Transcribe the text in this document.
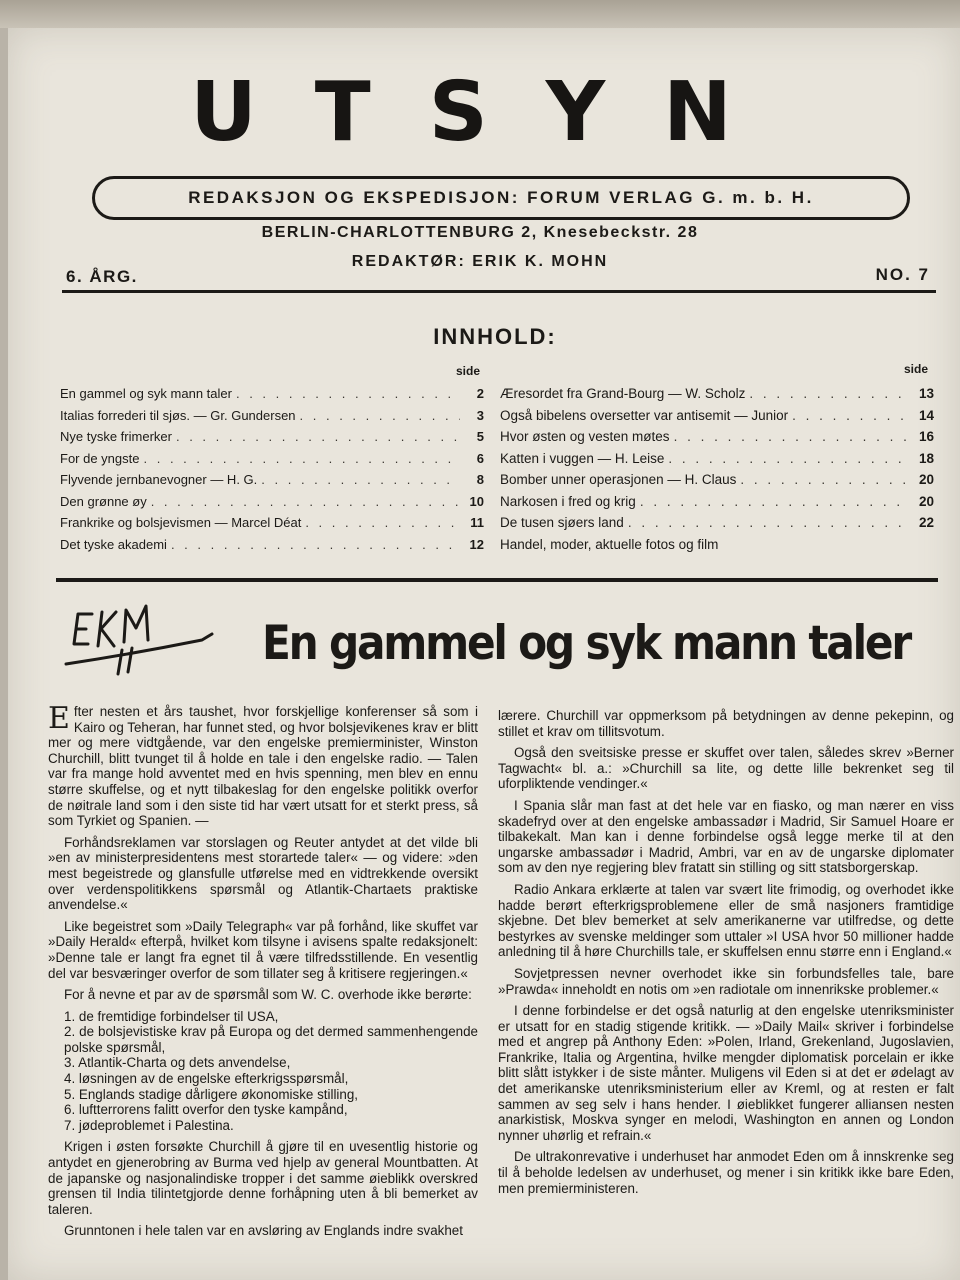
UTSYN
REDAKSJON OG EKSPEDISJON: FORUM VERLAG G. m. b. H.
BERLIN-CHARLOTTENBURG 2, Knesebeckstr. 28
REDAKTØR: ERIK K. MOHN
6. ÅRG.	NO. 7
INNHOLD:
side	side
En gammel og syk mann taler . . .	2
Italias forrederi til sjøs. — Gr. Gundersen . . .	3
Nye tyske frimerker . . .	5
For de yngste . . .	6
Flyvende jernbanevogner — H. G. . . .	8
Den grønne øy . . .	10
Frankrike og bolsjevismen — Marcel Déat . . .	11
Det tyske akademi . . .	12
Æresordet fra Grand-Bourg — W. Scholz . . .	13
Også bibelens oversetter var antisemit — Junior . . .	14
Hvor østen og vesten møtes . . .	16
Katten i vuggen — H. Leise . . .	18
Bomber unner operasjonen — H. Claus . . .	20
Narkosen i fred og krig . . .	20
De tusen sjøers land . . .	22
Handel, moder, aktuelle fotos og film
En gammel og syk mann taler

Efter nesten et års taushet, hvor forskjellige konferenser så som i Kairo og Teheran, har funnet sted, og hvor bolsjevikenes krav er blitt mer og mere vidtgående, var den engelske premierminister, Winston Churchill, blitt tvunget til å holde en tale i den engelske radio. — Talen var fra mange hold avventet med en hvis spenning, men blev en ennu større skuffelse, og et nytt tilbakeslag for den engelske politikk overfor de nøitrale land som i den siste tid har vært utsatt for et sterkt press, så som Tyrkiet og Spanien. —

Forhåndsreklamen var storslagen og Reuter antydet at det vilde bli »en av ministerpresidentens mest storartede taler« — og videre: »den mest begeistrede og glansfulle utførelse med en vidtrekkende oversikt over verdenspolitikkens spørsmål og Atlantik-Chartaets praktiske anvendelse.«

Like begeistret som »Daily Telegraph« var på forhånd, like skuffet var »Daily Herald« efterpå, hvilket kom tilsyne i avisens spalte redaksjonelt: »Denne tale er langt fra egnet til å være tilfredsstillende. En vesentlig del var besværinger overfor de som tillater seg å kritisere regjeringen.«

For å nevne et par av de spørsmål som W. C. overhode ikke berørte:

1. de fremtidige forbindelser til USA,
2. de bolsjevistiske krav på Europa og det dermed sammenhengende polske spørsmål,
3. Atlantik-Charta og dets anvendelse,
4. løsningen av de engelske efterkrigsspørsmål,
5. Englands stadige dårligere økonomiske stilling,
6. luftterrorens falitt overfor den tyske kampånd,
7. jødeproblemet i Palestina.

Krigen i østen forsøkte Churchill å gjøre til en uvesentlig historie og antydet en gjenerobring av Burma ved hjelp av general Mountbatten. At de japanske og nasjonalindiske tropper i det samme øieblikk overskred grensen til India tilintetgjorde denne forhåpning uten å bli bemerket av taleren.

Grunntonen i hele talen var en avsløring av Englands indre svakhet

lærere. Churchill var oppmerksom på betydningen av denne pekepinn, og stillet et krav om tillitsvotum.

Også den sveitsiske presse er skuffet over talen, således skrev »Berner Tagwacht« bl. a.: »Churchill sa lite, og dette lille bekrenket seg til uforpliktende vendinger.«

I Spania slår man fast at det hele var en fiasko, og man nærer en viss skadefryd over at den engelske ambassadør i Madrid, Sir Samuel Hoare er tilbakekalt. Man kan i denne forbindelse også legge merke til at den ungarske ambassadør i Madrid, Ambri, var en av de ungarske diplomater som av den nye regjering blev fratatt sin stilling og sitt statsborgerskap.

Radio Ankara erklærte at talen var svært lite frimodig, og overhodet ikke hadde berørt efterkrigsproblemene eller de små nasjoners framtidige skjebne. Det blev bemerket at selv amerikanerne var utilfredse, og dette bestyrkes av svenske meldinger som uttaler »I USA hvor 50 millioner hadde anledning til å høre Churchills tale, er skuffelsen ennu større enn i England.«

Sovjetpressen nevner overhodet ikke sin forbundsfelles tale, bare »Prawda« inneholdt en notis om »en radiotale om innenrikske problemer.«

I denne forbindelse er det også naturlig at den engelske utenriksminister er utsatt for en stadig stigende kritikk. — »Daily Mail« skriver i forbindelse med et angrep på Anthony Eden: »Polen, Irland, Grekenland, Jugoslavien, Frankrike, Italia og Argentina, hvilke mengder diplomatisk porcelain er ikke blitt slått istykker i de siste månter. Muligens vil Eden si at det er ødelagt av det amerikanske utenriksministerium eller av Kreml, og at resten er falt sammen av seg selv i hans hender. I øieblikket fungerer alliansen nesten anarkistisk, Moskva synger en melodi, Washington en annen og London nynner uhørlig et refrain.«

De ultrakonrevative i underhuset har anmodet Eden om å innskrenke seg til å beholde ledelsen av underhuset, og mener i sin kritikk ikke bare Eden, men premierministeren.
